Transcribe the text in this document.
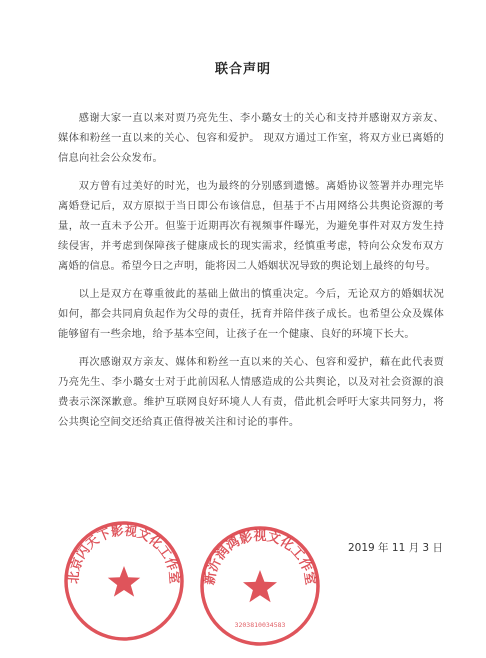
联合声明

感谢大家一直以来对贾乃亮先生、李小璐女士的关心和支持并感谢双方亲友、媒体和粉丝一直以来的关心、包容和爱护。 现双方通过工作室，将双方业已离婚的信息向社会公众发布。

双方曾有过美好的时光，也为最终的分别感到遗憾。离婚协议签署并办理完毕离婚登记后，双方原拟于当日即公布该信息，但基于不占用网络公共舆论资源的考量，故一直未予公开。但鉴于近期再次有视频事件曝光，为避免事件对双方发生持续侵害，并考虑到保障孩子健康成长的现实需求，经慎重考虑，特向公众发布双方离婚的信息。希望今日之声明，能将因二人婚姻状况导致的舆论划上最终的句号。

以上是双方在尊重彼此的基础上做出的慎重决定。今后，无论双方的婚姻状况如何，都会共同肩负起作为父母的责任，抚育并陪伴孩子成长。也希望公众及媒体能够留有一些余地，给予基本空间，让孩子在一个健康、良好的环境下长大。

再次感谢双方亲友、媒体和粉丝一直以来的关心、包容和爱护，藉在此代表贾乃亮先生、李小璐女士对于此前因私人情感造成的公共舆论，以及对社会资源的浪费表示深深歉意。维护互联网良好环境人人有责，借此机会呼吁大家共同努力，将公共舆论空间交还给真正值得被关注和讨论的事件。

2019 年 11 月 3 日
北京闪天下影视文化工作室 新沂润鸿影视文化工作室
3203810034583
